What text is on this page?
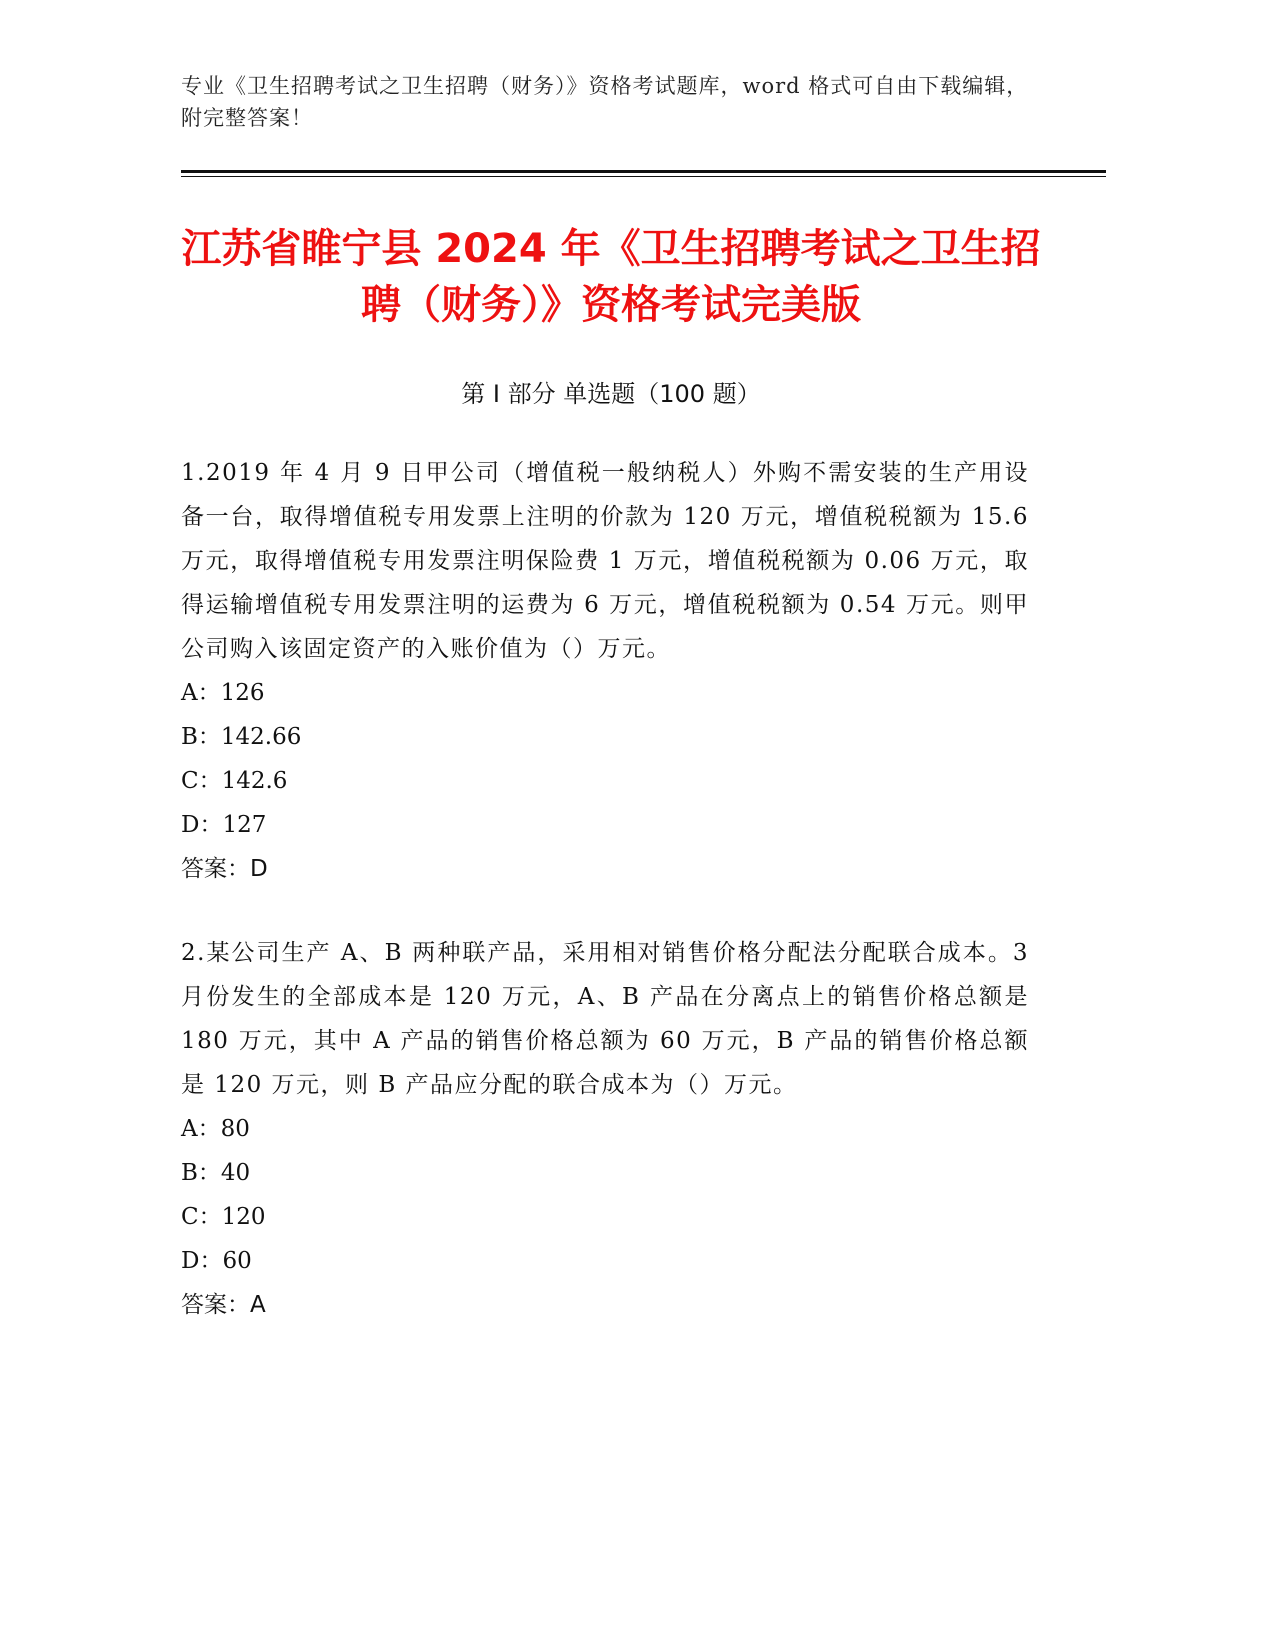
专业《卫生招聘考试之卫生招聘（财务）》资格考试题库，word 格式可自由下载编辑，附完整答案！
江苏省睢宁县 2024 年《卫生招聘考试之卫生招聘（财务）》资格考试完美版
第 I 部分 单选题（100 题）
1.2019 年 4 月 9 日甲公司（增值税一般纳税人）外购不需安装的生产用设备一台，取得增值税专用发票上注明的价款为 120 万元，增值税税额为 15.6 万元，取得增值税专用发票注明保险费 1 万元，增值税税额为 0.06 万元，取得运输增值税专用发票注明的运费为 6 万元，增值税税额为 0.54 万元。则甲公司购入该固定资产的入账价值为（）万元。
A：126
B：142.66
C：142.6
D：127
答案：D
2.某公司生产 A、B 两种联产品，采用相对销售价格分配法分配联合成本。3 月份发生的全部成本是 120 万元，A、B 产品在分离点上的销售价格总额是 180 万元，其中 A 产品的销售价格总额为 60 万元，B 产品的销售价格总额是 120 万元，则 B 产品应分配的联合成本为（）万元。
A：80
B：40
C：120
D：60
答案：A
